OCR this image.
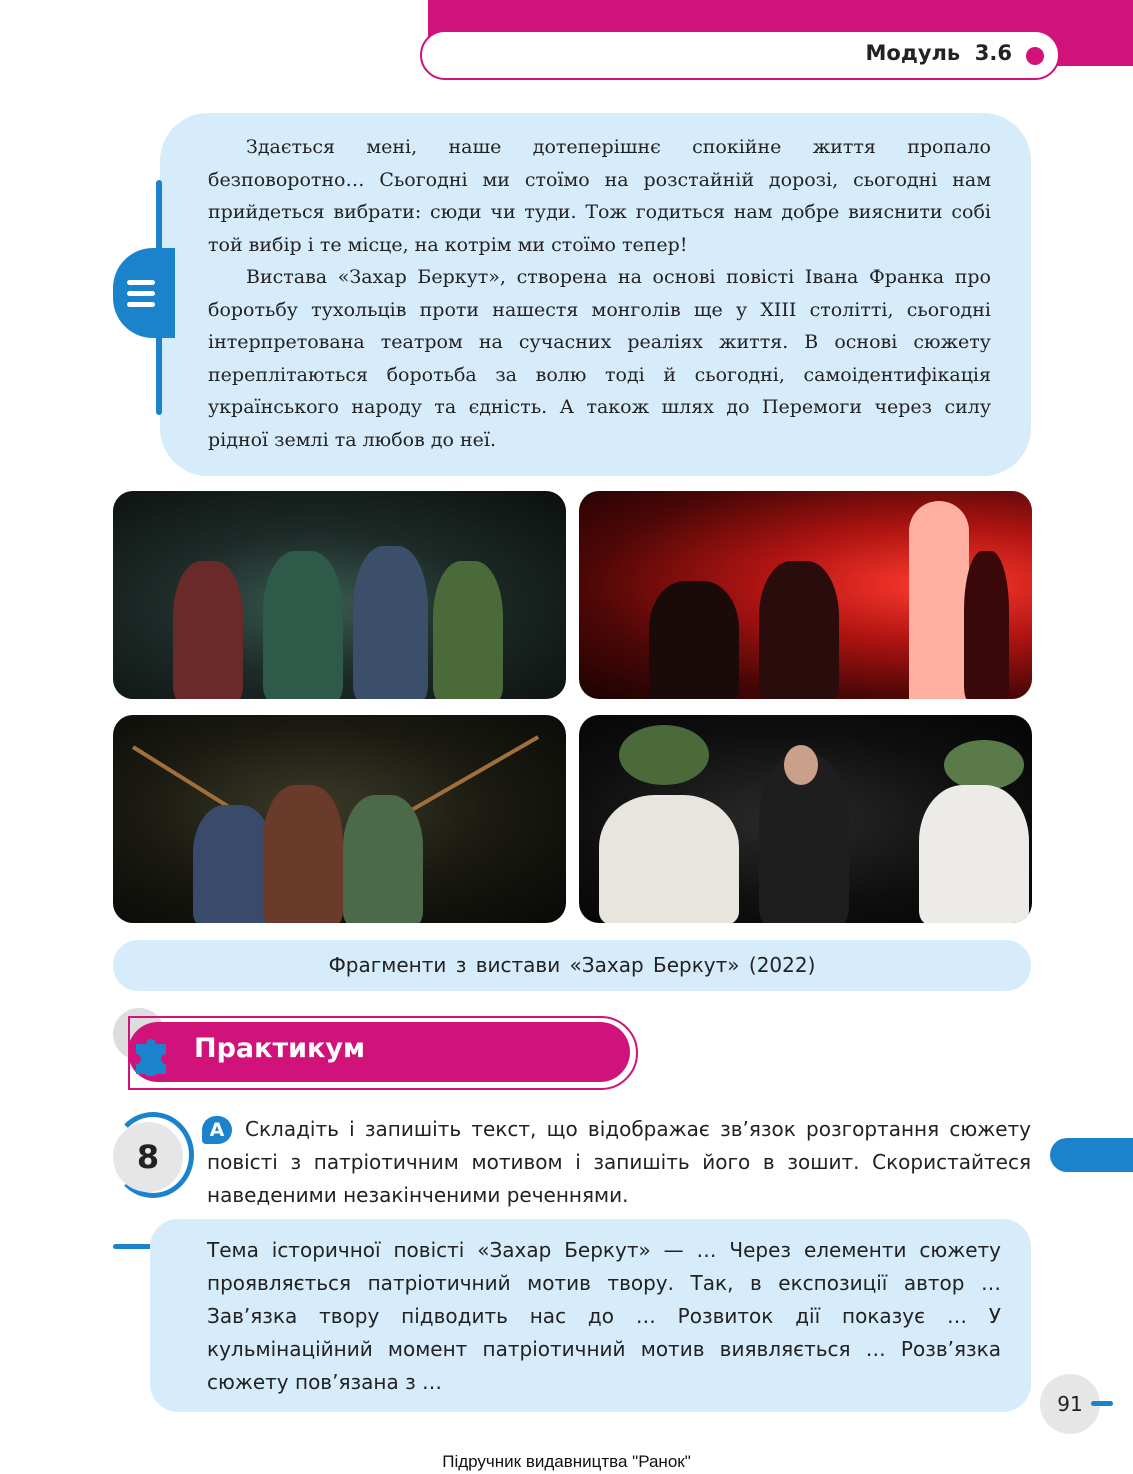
Модуль  3.6

Здається мені, наше дотеперішнє спокійне життя пропало безповоротно… Сьогодні ми стоїмо на розстайній дорозі, сьогодні нам прийдеться вибрати: сюди чи туди. Тож годиться нам добре вияснити собі той вибір і те місце, на котрім ми стоїмо тепер!

Вистава «Захар Беркут», створена на основі повісті Івана Франка про боротьбу тухольців проти нашестя монголів ще у XIII столітті, сьогодні інтерпретована театром на сучасних реаліях життя. В основі сюжету переплітаються боротьба за волю тоді й сьогодні, самоідентифікація українського народу та єдність. А також шлях до Перемоги через силу рідної землі та любов до неї.

Фрагменти з вистави «Захар Беркут» (2022)
Практикум
8

Складіть і запишіть текст, що відображає зв’язок розгортання сюжету повісті з патріотичним мотивом і запишіть його в зошит. Скористайтеся наведеними незакінченими реченнями.

А

Тема історичної повісті «Захар Беркут» — … Через елементи сюжету проявляється патріотичний мотив твору. Так, в експозиції автор … Зав’язка твору підводить нас до … Розвиток дії показує … У кульмінаційний момент патріотичний мотив виявляється … Розв’язка сюжету пов’язана з …

91
Підручник видавництва "Ранок"
